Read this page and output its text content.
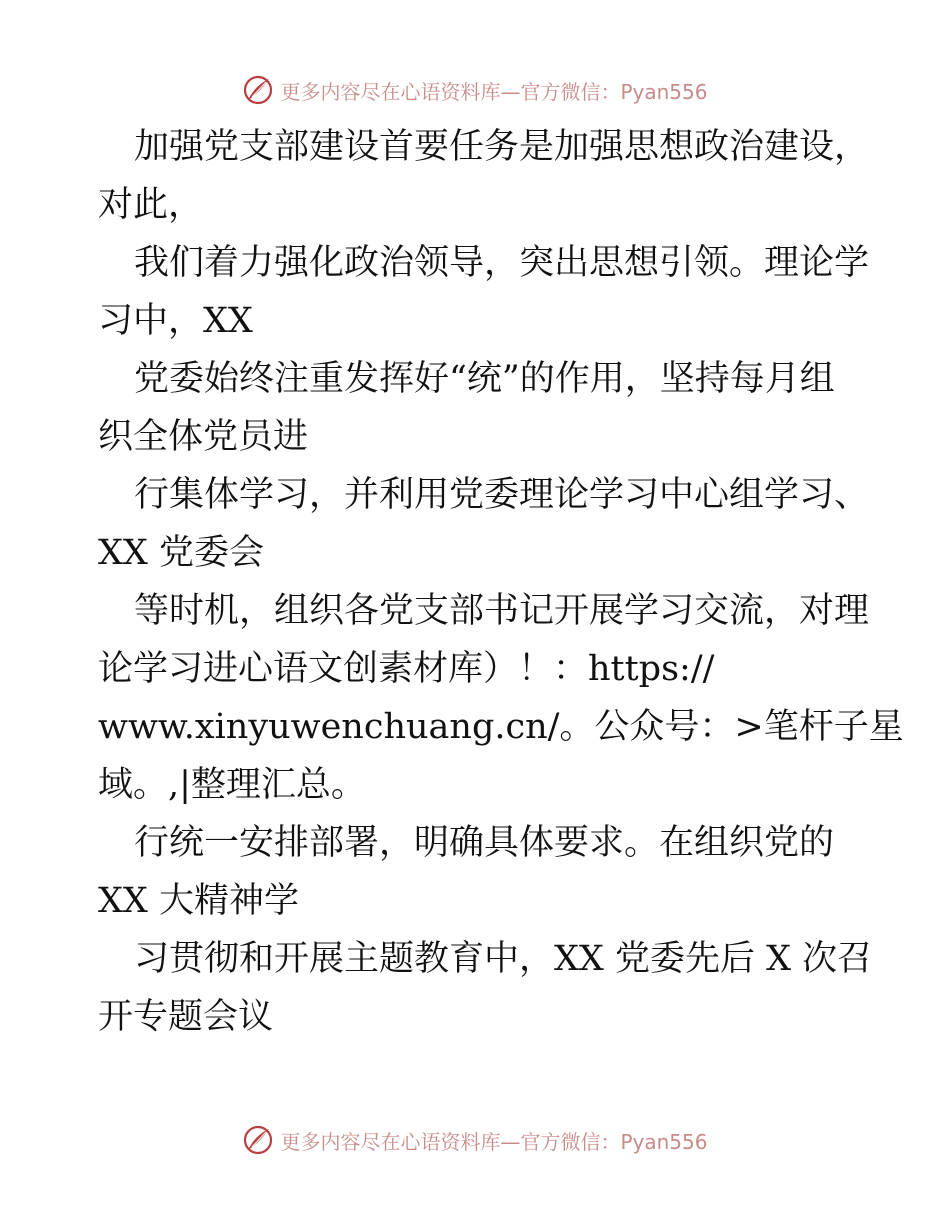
更多内容尽在心语资料库—官方微信：Pyan556
加强党支部建设首要任务是加强思想政治建设，
对此，
我们着力强化政治领导，突出思想引领。理论学
习中，XX
党委始终注重发挥好“统”的作用，坚持每月组
织全体党员进
行集体学习，并利用党委理论学习中心组学习、
XX 党委会
等时机，组织各党支部书记开展学习交流，对理
论学习进心语文创素材库）！：https://
www.xinyuwenchuang.cn/。公众号：>笔杆子星
域。,|整理汇总。
行统一安排部署，明确具体要求。在组织党的
XX 大精神学
习贯彻和开展主题教育中，XX 党委先后 X 次召
开专题会议
更多内容尽在心语资料库—官方微信：Pyan556
